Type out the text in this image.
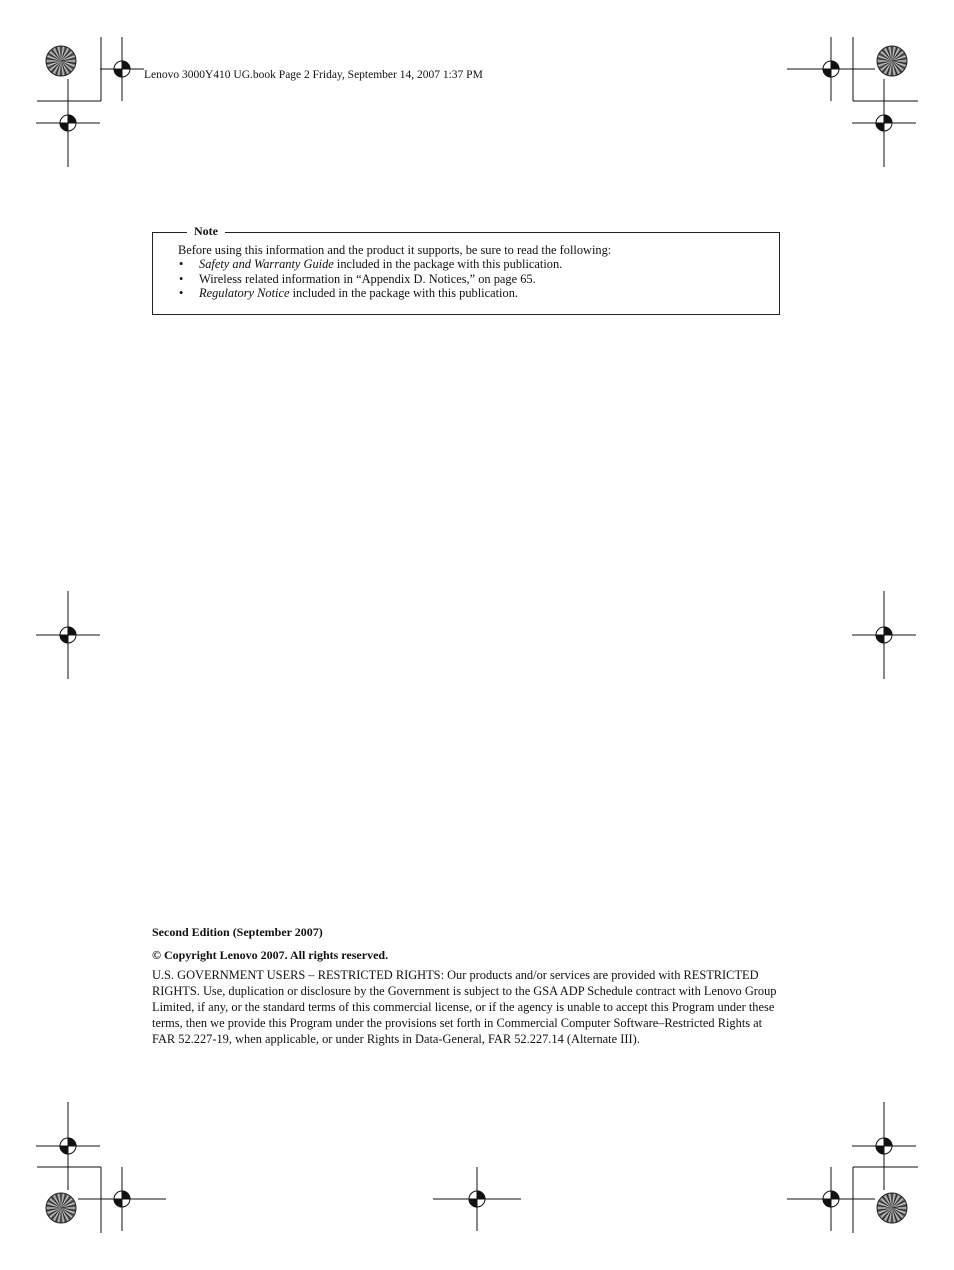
Lenovo 3000Y410 UG.book Page 2 Friday, September 14, 2007 1:37 PM
Note
Before using this information and the product it supports, be sure to read the following:
• Safety and Warranty Guide included in the package with this publication.
• Wireless related information in “Appendix D. Notices,” on page 65.
• Regulatory Notice included in the package with this publication.
Second Edition (September 2007)
© Copyright Lenovo 2007. All rights reserved.
U.S. GOVERNMENT USERS – RESTRICTED RIGHTS: Our products and/or services are provided with RESTRICTED RIGHTS. Use, duplication or disclosure by the Government is subject to the GSA ADP Schedule contract with Lenovo Group Limited, if any, or the standard terms of this commercial license, or if the agency is unable to accept this Program under these terms, then we provide this Program under the provisions set forth in Commercial Computer Software–Restricted Rights at FAR 52.227-19, when applicable, or under Rights in Data-General, FAR 52.227.14 (Alternate III).
